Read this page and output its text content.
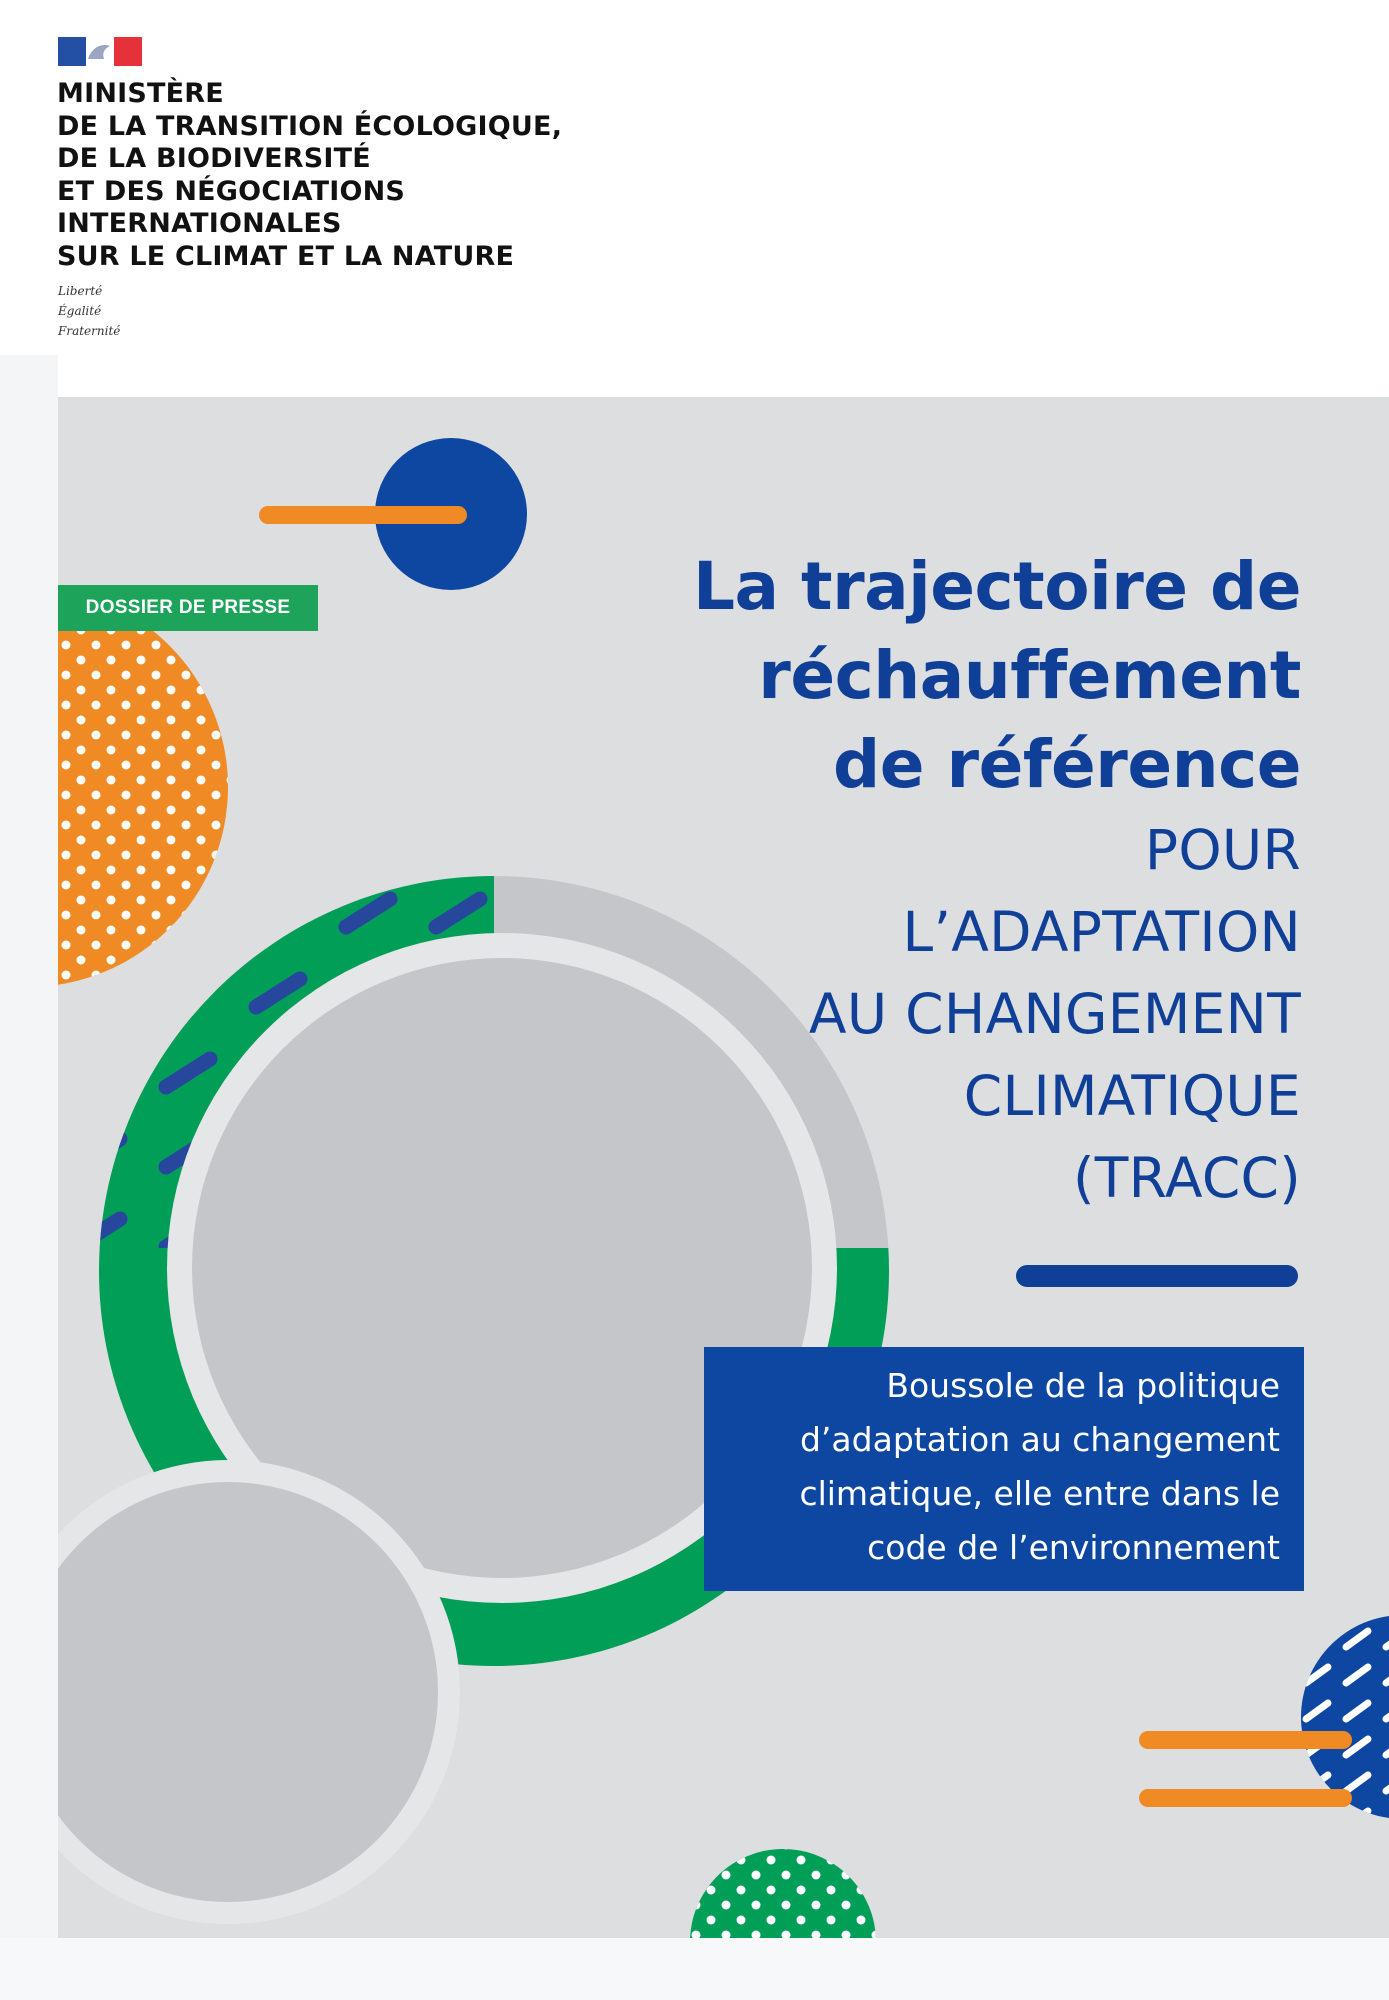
MINISTÈRE
DE LA TRANSITION ÉCOLOGIQUE,
DE LA BIODIVERSITÉ
ET DES NÉGOCIATIONS
INTERNATIONALES
SUR LE CLIMAT ET LA NATURE
Liberté
Égalité
Fraternité
DOSSIER DE PRESSE	La trajectoire de
réchauffement
de référence
POUR
L’ADAPTATION
AU CHANGEMENT
CLIMATIQUE
(TRACC)
Boussole de la politique
d’adaptation au changement
climatique, elle entre dans le
code de l’environnement
